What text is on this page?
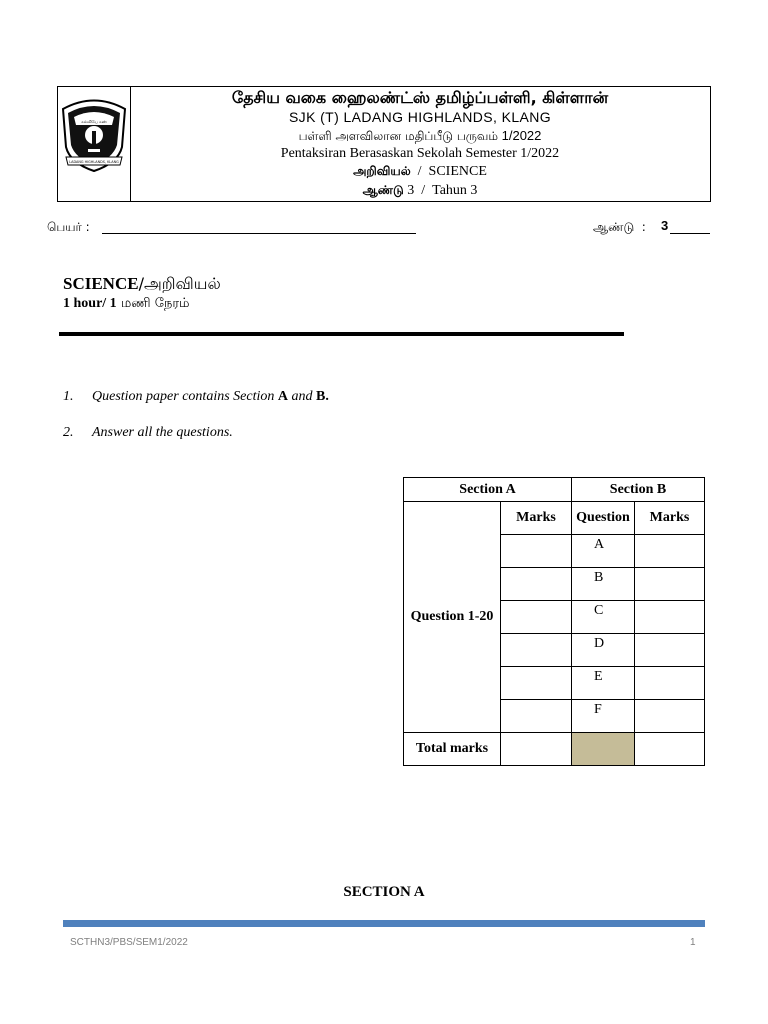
கல்வியே கண்
LADANG HIGHLANDS, KLANG
தேசிய வகை ஹைலண்ட்ஸ் தமிழ்ப்பள்ளி, கிள்ளான்
SJK (T) LADANG HIGHLANDS, KLANG
பள்ளி அளவிலான மதிப்பீடு பருவம் 1/2022
Pentaksiran Berasaskan Sekolah Semester 1/2022
அறிவியல்  /  SCIENCE
ஆண்டு 3  /  Tahun 3
பெயர் :	ஆண்டு  : 3
SCIENCE/அறிவியல்
1 hour/ 1 மணி நேரம்
1. Question paper contains Section A and B.
2. Answer all the questions.
Section A		Section B	
Question 1-20	Marks	Question	Marks
		A	
		B	
		C	
		D	
		E	
		F	
Total marks			
SECTION A
SCTHN3/PBS/SEM1/2022	1
